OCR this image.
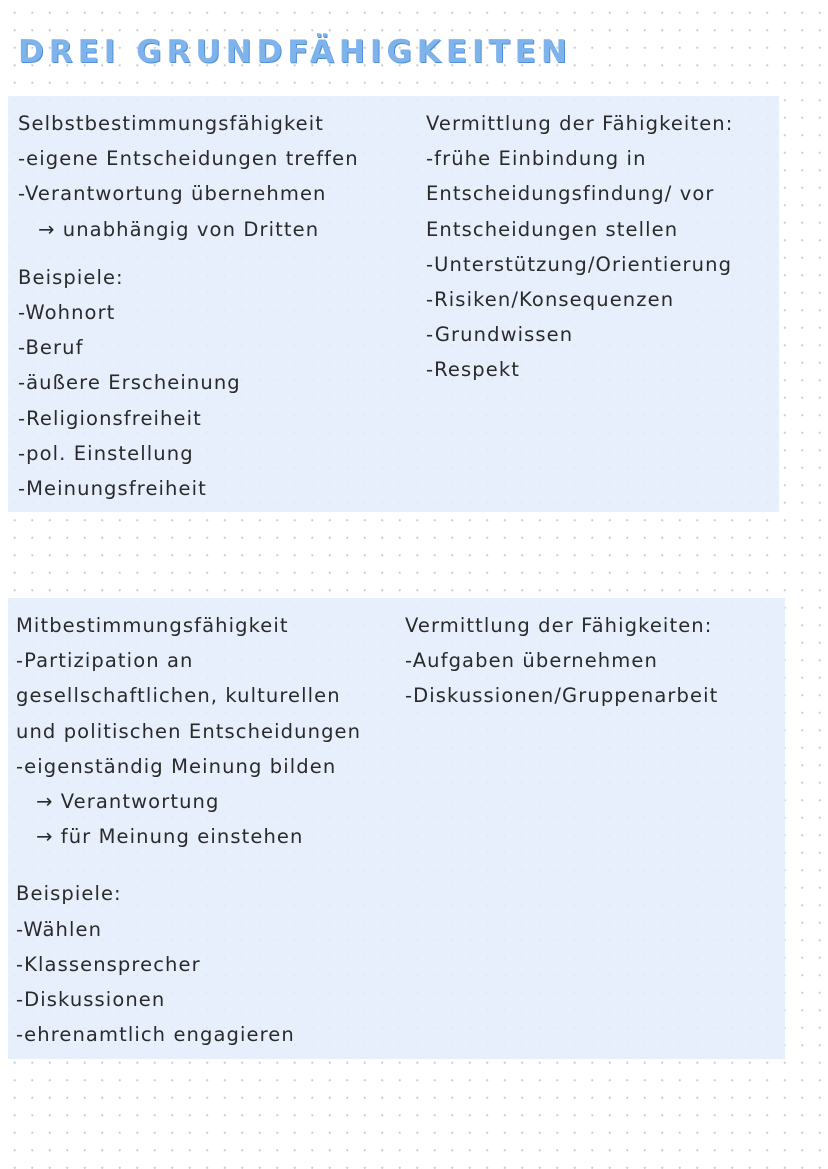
DREI GRUNDFÄHIGKEITEN
Selbstbestimmungsfähigkeit
-eigene Entscheidungen treffen
-Verantwortung übernehmen
→ unabhängig von Dritten
Beispiele:
-Wohnort
-Beruf
-äußere Erscheinung
-Religionsfreiheit
-pol. Einstellung
-Meinungsfreiheit
Vermittlung der Fähigkeiten:
-frühe Einbindung in
Entscheidungsfindung/ vor
Entscheidungen stellen
-Unterstützung/Orientierung
-Risiken/Konsequenzen
-Grundwissen
-Respekt
Mitbestimmungsfähigkeit
-Partizipation an
gesellschaftlichen, kulturellen
und politischen Entscheidungen
-eigenständig Meinung bilden
→ Verantwortung
→ für Meinung einstehen
Beispiele:
-Wählen
-Klassensprecher
-Diskussionen
-ehrenamtlich engagieren
Vermittlung der Fähigkeiten:
-Aufgaben übernehmen
-Diskussionen/Gruppenarbeit
